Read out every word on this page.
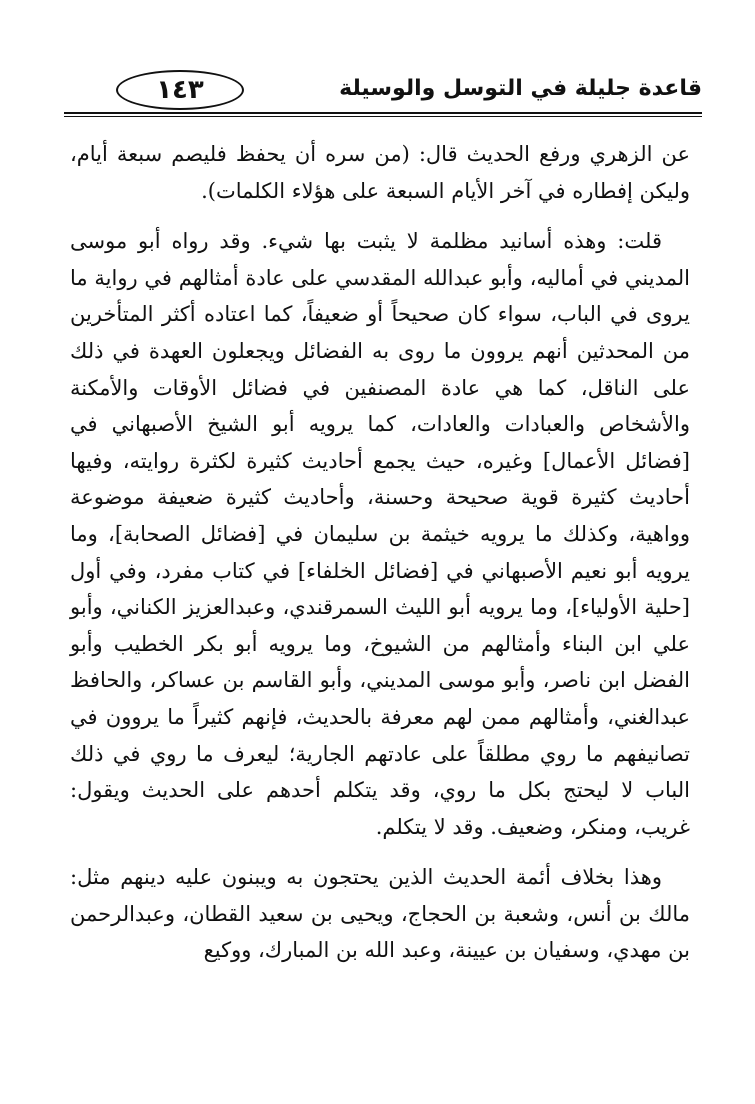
قاعدة جليلة في التوسل والوسيلة
١٤٣

عن الزهري ورفع الحديث قال: (من سره أن يحفظ فليصم سبعة أيام، وليكن إفطاره في آخر الأيام السبعة على هؤلاء الكلمات).

قلت: وهذه أسانيد مظلمة لا يثبت بها شيء. وقد رواه أبو موسى المديني في أماليه، وأبو عبدالله المقدسي على عادة أمثالهم في رواية ما يروى في الباب، سواء كان صحيحاً أو ضعيفاً، كما اعتاده أكثر المتأخرين من المحدثين أنهم يروون ما روى به الفضائل ويجعلون العهدة في ذلك على الناقل، كما هي عادة المصنفين في فضائل الأوقات والأمكنة والأشخاص والعبادات والعادات، كما يرويه أبو الشيخ الأصبهاني في [فضائل الأعمال] وغيره، حيث يجمع أحاديث كثيرة لكثرة روايته، وفيها أحاديث كثيرة قوية صحيحة وحسنة، وأحاديث كثيرة ضعيفة موضوعة وواهية، وكذلك ما يرويه خيثمة بن سليمان في [فضائل الصحابة]، وما يرويه أبو نعيم الأصبهاني في [فضائل الخلفاء] في كتاب مفرد، وفي أول [حلية الأولياء]، وما يرويه أبو الليث السمرقندي، وعبدالعزيز الكناني، وأبو علي ابن البناء وأمثالهم من الشيوخ، وما يرويه أبو بكر الخطيب وأبو الفضل ابن ناصر، وأبو موسى المديني، وأبو القاسم بن عساكر، والحافظ عبدالغني، وأمثالهم ممن لهم معرفة بالحديث، فإنهم كثيراً ما يروون في تصانيفهم ما روي مطلقاً على عادتهم الجارية؛ ليعرف ما روي في ذلك الباب لا ليحتج بكل ما روي، وقد يتكلم أحدهم على الحديث ويقول: غريب، ومنكر، وضعيف. وقد لا يتكلم.

وهذا بخلاف أئمة الحديث الذين يحتجون به ويبنون عليه دينهم مثل: مالك بن أنس، وشعبة بن الحجاج، ويحيى بن سعيد القطان، وعبدالرحمن بن مهدي، وسفيان بن عيينة، وعبد الله بن المبارك، ووكيع
